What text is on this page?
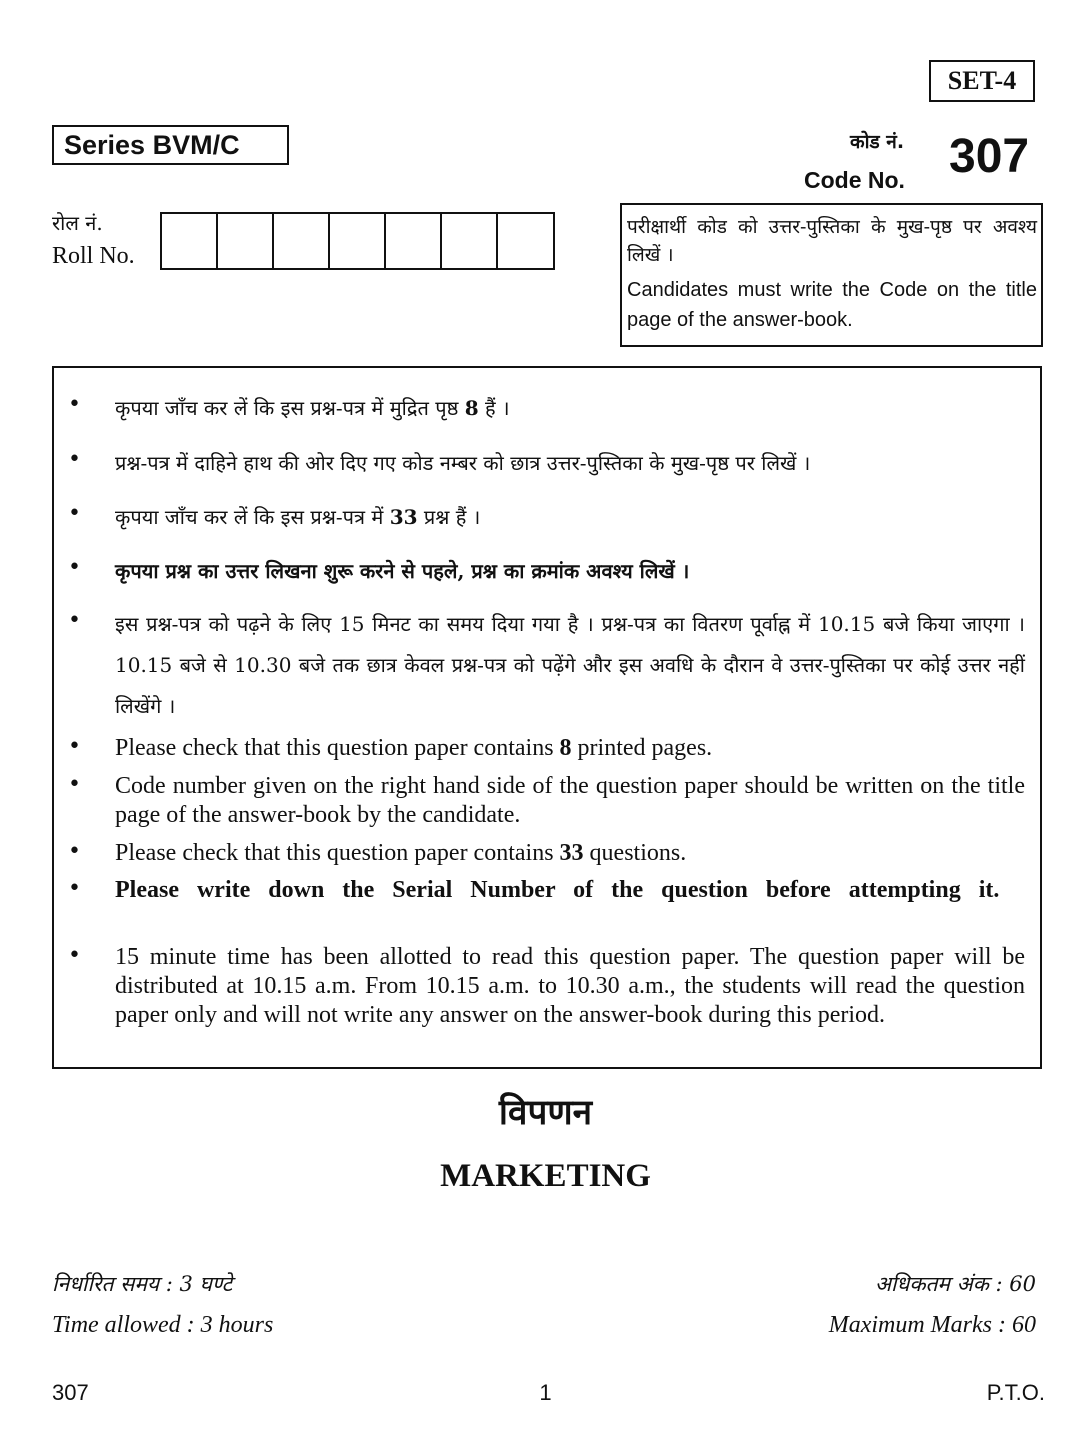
SET-4
Series BVM/C	कोड नं.
Code No. 307
रोल नं.
Roll No.
परीक्षार्थी कोड को उत्तर-पुस्तिका के मुख-पृष्ठ पर अवश्य लिखें ।
Candidates must write the Code on the title page of the answer-book.
• कृपया जाँच कर लें कि इस प्रश्न-पत्र में मुद्रित पृष्ठ 8 हैं ।
• प्रश्न-पत्र में दाहिने हाथ की ओर दिए गए कोड नम्बर को छात्र उत्तर-पुस्तिका के मुख-पृष्ठ पर लिखें ।
• कृपया जाँच कर लें कि इस प्रश्न-पत्र में 33 प्रश्न हैं ।
• कृपया प्रश्न का उत्तर लिखना शुरू करने से पहले, प्रश्न का क्रमांक अवश्य लिखें ।
• इस प्रश्न-पत्र को पढ़ने के लिए 15 मिनट का समय दिया गया है । प्रश्न-पत्र का वितरण पूर्वाह्न में 10.15 बजे किया जाएगा । 10.15 बजे से 10.30 बजे तक छात्र केवल प्रश्न-पत्र को पढ़ेंगे और इस अवधि के दौरान वे उत्तर-पुस्तिका पर कोई उत्तर नहीं लिखेंगे ।
• Please check that this question paper contains 8 printed pages.
• Code number given on the right hand side of the question paper should be written on the title page of the answer-book by the candidate.
• Please check that this question paper contains 33 questions.
• Please write down the Serial Number of the question before attempting it.
• 15 minute time has been allotted to read this question paper. The question paper will be distributed at 10.15 a.m. From 10.15 a.m. to 10.30 a.m., the students will read the question paper only and will not write any answer on the answer-book during this period.
विपणन
MARKETING
निर्धारित समय : 3 घण्टे
Time allowed : 3 hours
अधिकतम अंक : 60
Maximum Marks : 60
307	1	P.T.O.
